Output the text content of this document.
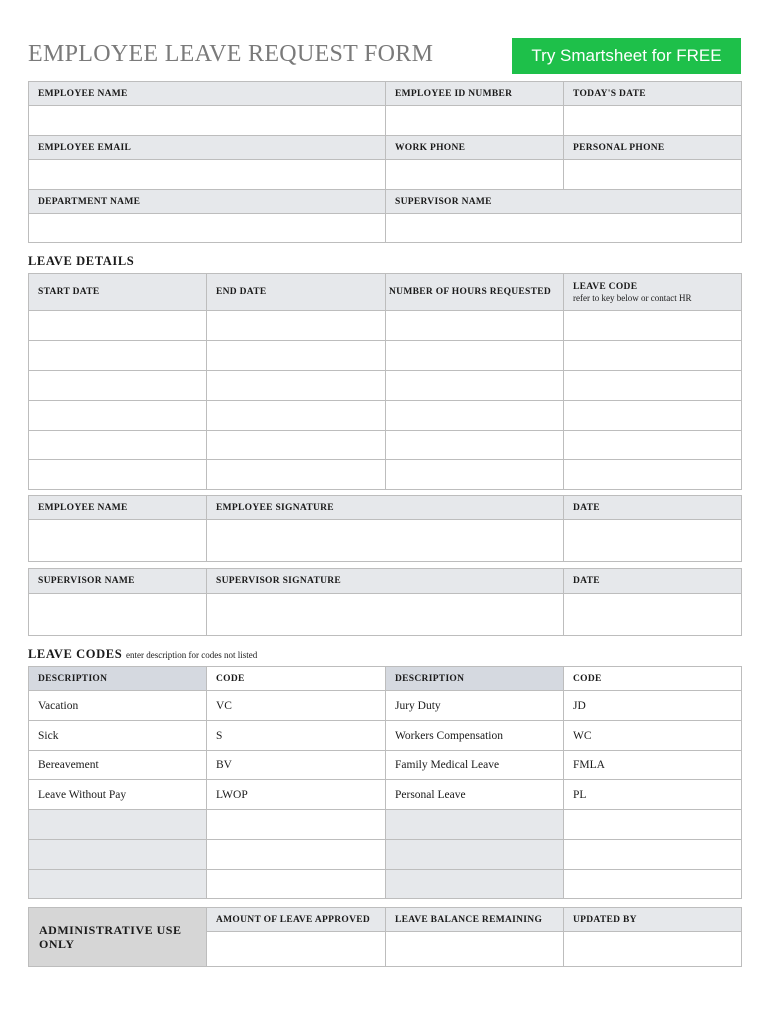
EMPLOYEE LEAVE REQUEST FORM	Try Smartsheet for FREE
EMPLOYEE NAME	EMPLOYEE ID NUMBER	TODAY'S DATE

EMPLOYEE EMAIL	WORK PHONE	PERSONAL PHONE

DEPARTMENT NAME	SUPERVISOR NAME	

LEAVE DETAILS
START DATE	END DATE	NUMBER OF HOURS REQUESTED	LEAVE CODE
refer to key below or contact HR

EMPLOYEE NAME	EMPLOYEE SIGNATURE	DATE

SUPERVISOR NAME	SUPERVISOR SIGNATURE	DATE

LEAVE CODES enter description for codes not listed
DESCRIPTION	CODE	DESCRIPTION	CODE
Vacation	VC	Jury Duty	JD
Sick	S	Workers Compensation	WC
Bereavement	BV	Family Medical Leave	FMLA
Leave Without Pay	LWOP	Personal Leave	PL

ADMINISTRATIVE USE ONLY	AMOUNT OF LEAVE APPROVED	LEAVE BALANCE REMAINING	UPDATED BY
